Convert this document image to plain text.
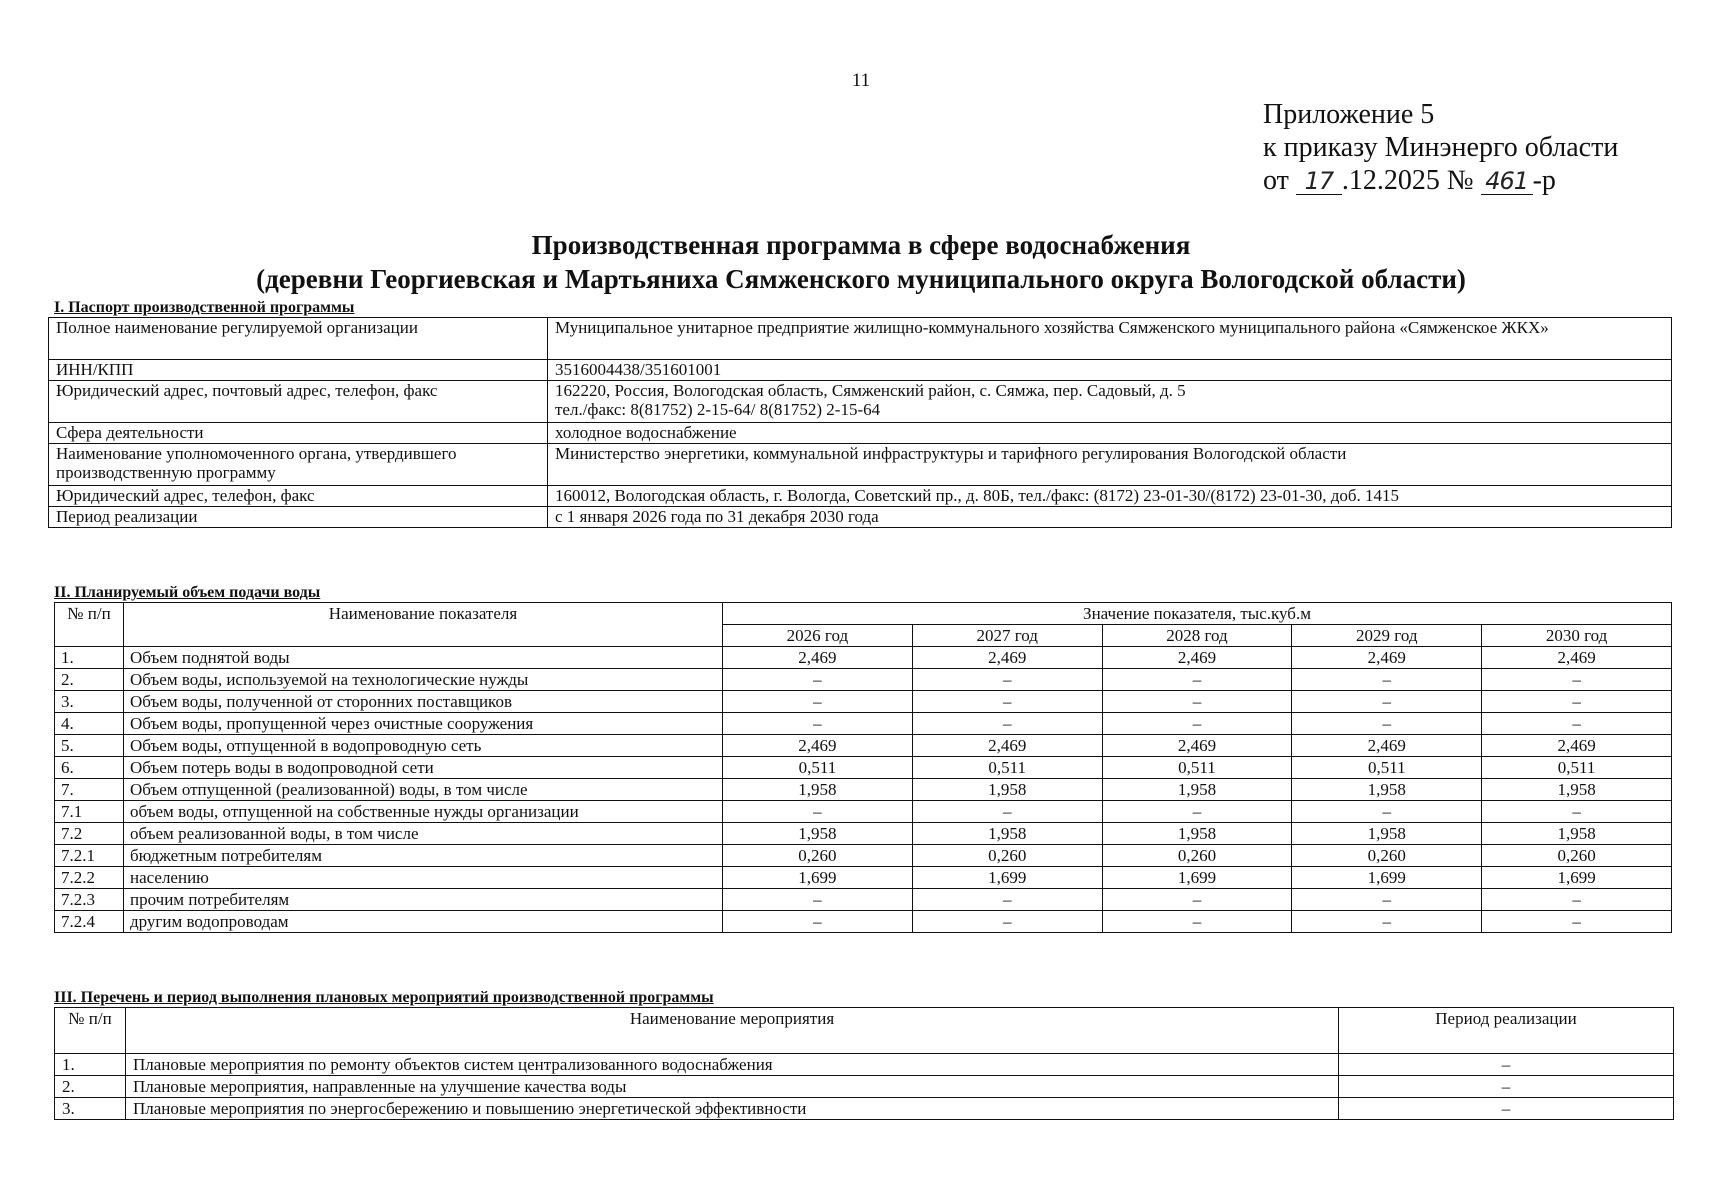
11
Приложение 5
к приказу Минэнерго области
от 17 .12.2025 № 461 -р
Производственная программа в сфере водоснабжения
(деревни Георгиевская и Мартьяниха Сямженского муниципального округа Вологодской области)
I. Паспорт производственной программы
Полное наименование регулируемой организации	Муниципальное унитарное предприятие жилищно-коммунального хозяйства Сямженского муниципального района «Сямженское ЖКХ»
ИНН/КПП	3516004438/351601001
Юридический адрес, почтовый адрес, телефон, факс	162220, Россия, Вологодская область, Сямженский район, с. Сямжа, пер. Садовый, д. 5
тел./факс: 8(81752) 2-15-64/ 8(81752) 2-15-64

Сфера деятельности	холодное водоснабжение
Наименование уполномоченного органа, утвердившего производственную программу	Министерство энергетики, коммунальной инфраструктуры и тарифного регулирования Вологодской области
Юридический адрес, телефон, факс	160012, Вологодская область, г. Вологда, Советский пр., д. 80Б, тел./факс: (8172) 23-01-30/(8172) 23-01-30, доб. 1415
Период реализации	с 1 января 2026 года по 31 декабря 2030 года
II. Планируемый объем подачи воды
№ п/п	Наименование показателя	Значение показателя, тыс.куб.м				
		2026 год	2027 год	2028 год	2029 год	2030 год
1.	Объем поднятой воды	2,469	2,469	2,469	2,469	2,469
2.	Объем воды, используемой на технологические нужды	–	–	–	–	–
3.	Объем воды, полученной от сторонних поставщиков	–	–	–	–	–
4.	Объем воды, пропущенной через очистные сооружения	–	–	–	–	–
5.	Объем воды, отпущенной в водопроводную сеть	2,469	2,469	2,469	2,469	2,469
6.	Объем потерь воды в водопроводной сети	0,511	0,511	0,511	0,511	0,511
7.	Объем отпущенной (реализованной) воды, в том числе	1,958	1,958	1,958	1,958	1,958
7.1	объем воды, отпущенной на собственные нужды организации	–	–	–	–	–
7.2	объем реализованной воды, в том числе	1,958	1,958	1,958	1,958	1,958
7.2.1	бюджетным потребителям	0,260	0,260	0,260	0,260	0,260
7.2.2	населению	1,699	1,699	1,699	1,699	1,699
7.2.3	прочим потребителям	–	–	–	–	–
7.2.4	другим водопроводам	–	–	–	–	–
III. Перечень и период выполнения плановых мероприятий производственной программы
№ п/п	Наименование мероприятия	Период реализации
1.	Плановые мероприятия по ремонту объектов систем централизованного водоснабжения	–
2.	Плановые мероприятия, направленные на улучшение качества воды	–
3.	Плановые мероприятия по энергосбережению и повышению энергетической эффективности	–
